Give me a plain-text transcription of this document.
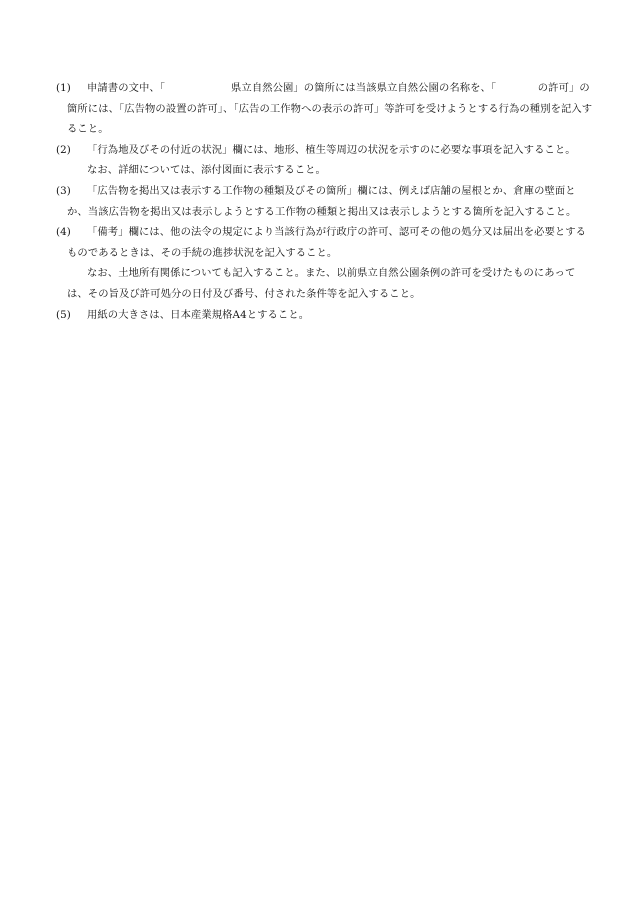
(1)	申請書の文中、「	県立自然公園」の箇所には当該県立自然公園の名称を、「　　　　の許可」の箇所には、「広告物の設置の許可」、「広告の工作物への表示の許可」等許可を受けようとする行為の種別を記入すること。

(2)	「行為地及びその付近の状況」欄には、地形、植生等周辺の状況を示すのに必要な事項を記入すること。

なお、詳細については、添付図面に表示すること。

(3)	「広告物を掲出又は表示する工作物の種類及びその箇所」欄には、例えば店舗の屋根とか、倉庫の壁面とか、当該広告物を掲出又は表示しようとする工作物の種類と掲出又は表示しようとする箇所を記入すること。

(4)	「備考」欄には、他の法令の規定により当該行為が行政庁の許可、認可その他の処分又は届出を必要とするものであるときは、その手続の進捗状況を記入すること。

なお、土地所有関係についても記入すること。また、以前県立自然公園条例の許可を受けたものにあっては、その旨及び許可処分の日付及び番号、付された条件等を記入すること。

(5)	用紙の大きさは、日本産業規格A4とすること。
